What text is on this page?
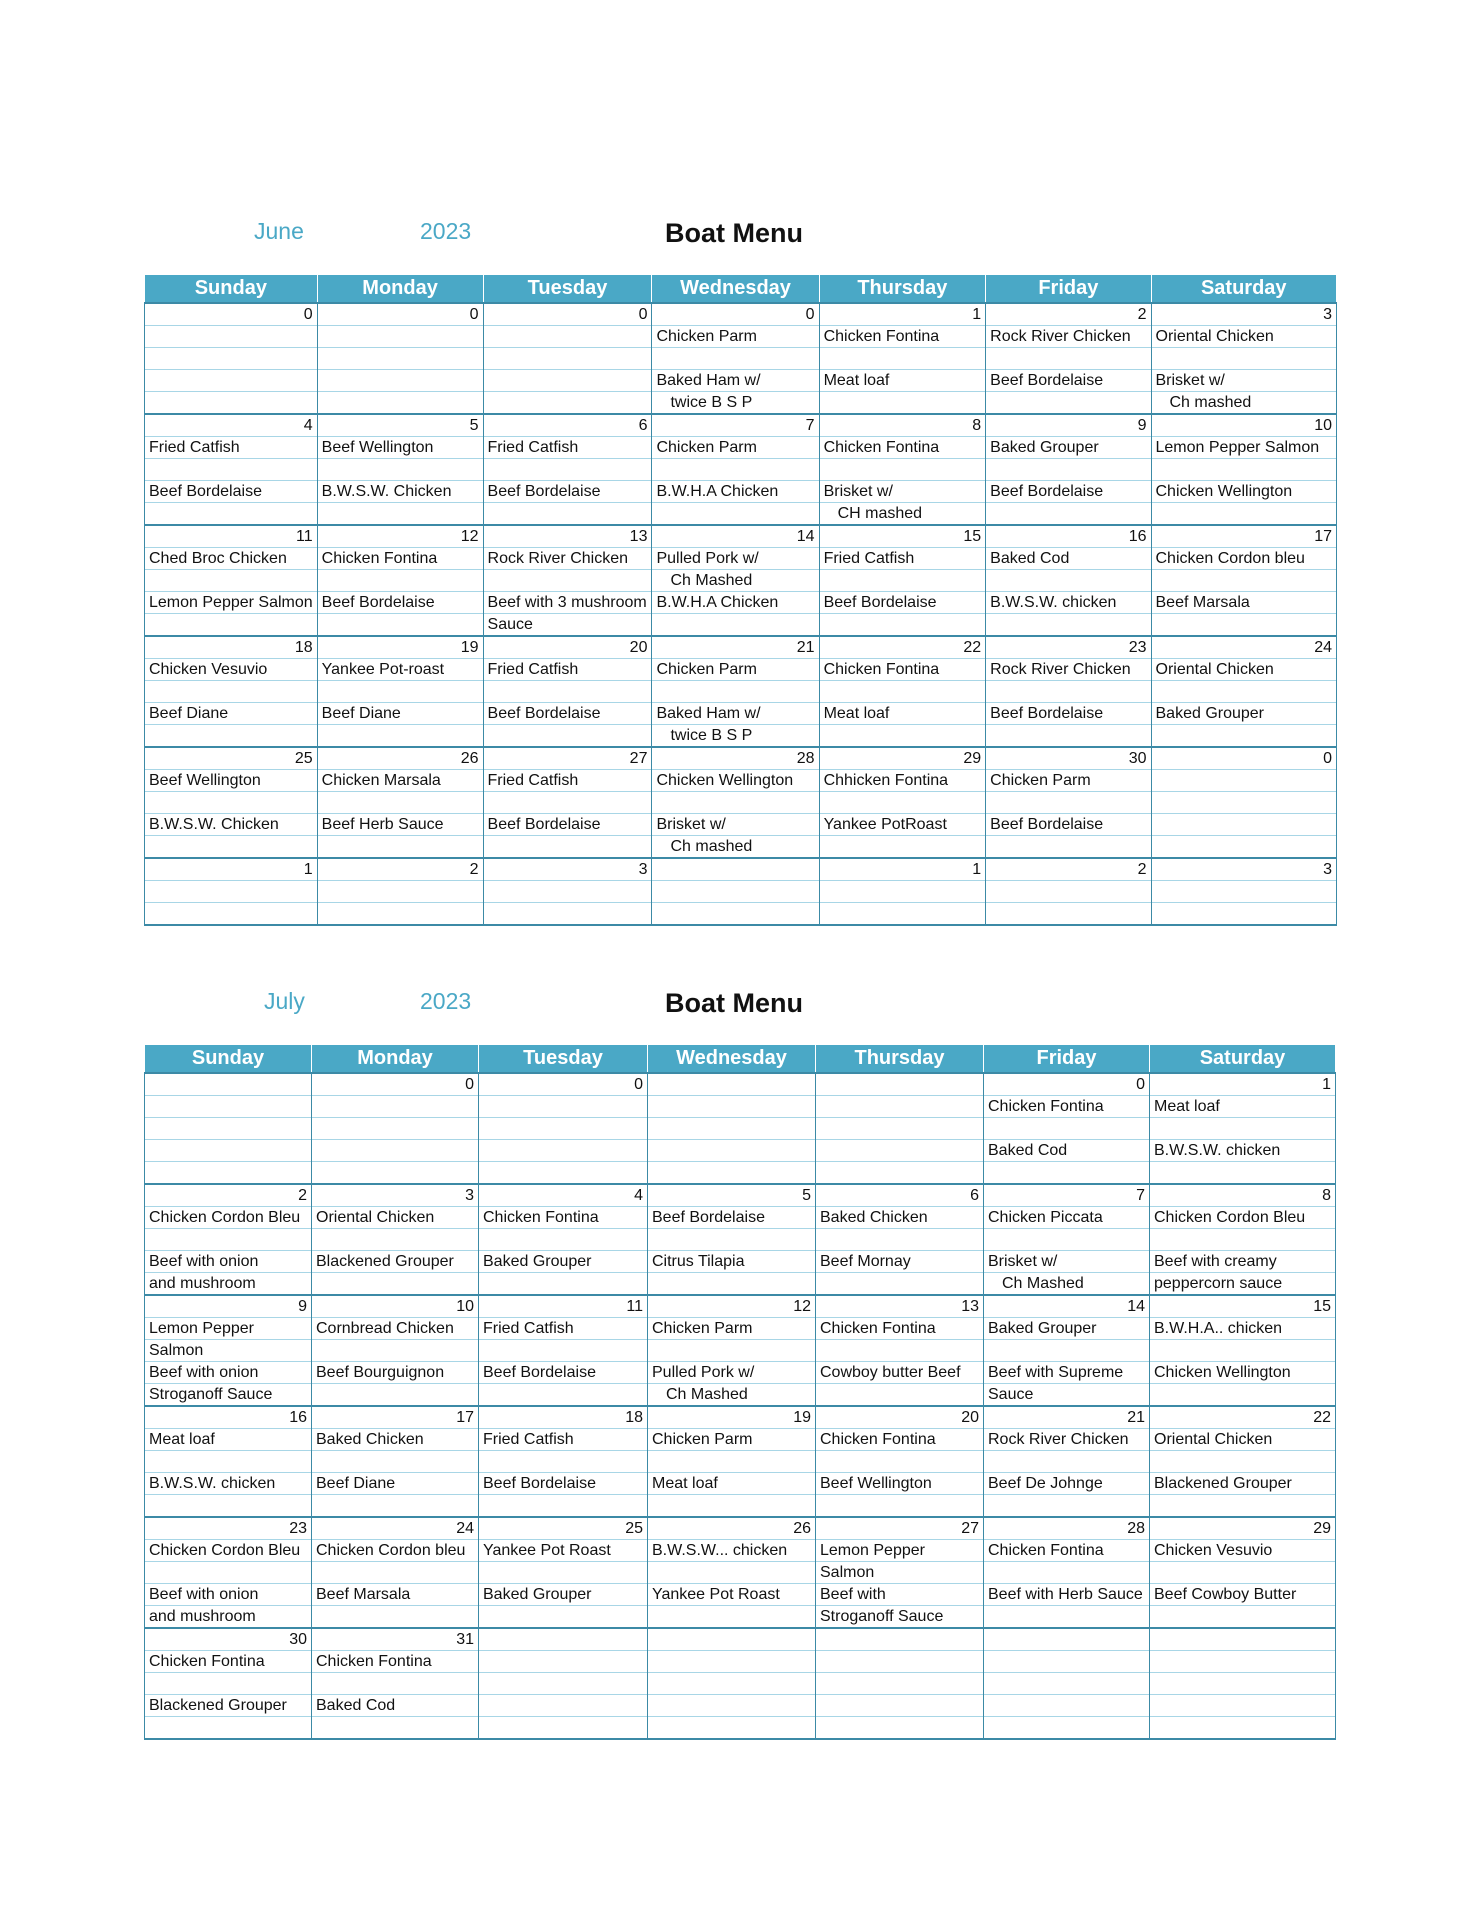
June	2023	Boat Menu
Sunday	Monday	Tuesday	Wednesday	Thursday	Friday	Saturday
0	0	0	0	1	2	3
			Chicken Parm	Chicken Fontina	Rock River Chicken	Oriental Chicken

			Baked Ham w/	Meat loaf	Beef Bordelaise	Brisket w/
			twice B S P			Ch mashed
4	5	6	7	8	9	10
Fried Catfish	Beef Wellington	Fried Catfish	Chicken Parm	Chicken Fontina	Baked Grouper	Lemon Pepper Salmon

Beef Bordelaise	B.W.S.W. Chicken	Beef Bordelaise	B.W.H.A Chicken	Brisket w/	Beef Bordelaise	Chicken Wellington
				CH mashed		
11	12	13	14	15	16	17
Ched Broc Chicken	Chicken Fontina	Rock River Chicken	Pulled Pork w/	Fried Catfish	Baked Cod	Chicken Cordon bleu
			Ch Mashed			
Lemon Pepper Salmon	Beef Bordelaise	Beef with 3 mushroom	B.W.H.A Chicken	Beef Bordelaise	B.W.S.W. chicken	Beef Marsala
		Sauce				
18	19	20	21	22	23	24
Chicken Vesuvio	Yankee Pot-roast	Fried Catfish	Chicken Parm	Chicken Fontina	Rock River Chicken	Oriental Chicken

Beef Diane	Beef Diane	Beef Bordelaise	Baked Ham w/	Meat loaf	Beef Bordelaise	Baked Grouper
			twice B S P			
25	26	27	28	29	30	0
Beef Wellington	Chicken Marsala	Fried Catfish	Chicken Wellington	Chhicken Fontina	Chicken Parm	

B.W.S.W. Chicken	Beef Herb Sauce	Beef Bordelaise	Brisket w/	Yankee PotRoast	Beef Bordelaise	
			Ch mashed			
1	2	3		1	2	3

July	2023	Boat Menu
Sunday	Monday	Tuesday	Wednesday	Thursday	Friday	Saturday
	0	0			0	1
					Chicken Fontina	Meat loaf

					Baked Cod	B.W.S.W. chicken

2	3	4	5	6	7	8
Chicken Cordon Bleu	Oriental Chicken	Chicken Fontina	Beef Bordelaise	Baked Chicken	Chicken Piccata	Chicken Cordon Bleu

Beef with onion	Blackened Grouper	Baked Grouper	Citrus Tilapia	Beef Mornay	Brisket w/	Beef with creamy
and mushroom					Ch Mashed	peppercorn sauce
9	10	11	12	13	14	15
Lemon Pepper	Cornbread Chicken	Fried Catfish	Chicken Parm	Chicken Fontina	Baked Grouper	B.W.H.A.. chicken
Salmon						
Beef with onion	Beef Bourguignon	Beef Bordelaise	Pulled Pork w/	Cowboy butter Beef	Beef with Supreme	Chicken Wellington
Stroganoff Sauce			Ch Mashed		Sauce	
16	17	18	19	20	21	22
Meat loaf	Baked Chicken	Fried Catfish	Chicken Parm	Chicken Fontina	Rock River Chicken	Oriental Chicken

B.W.S.W. chicken	Beef Diane	Beef Bordelaise	Meat loaf	Beef Wellington	Beef De Johnge	Blackened Grouper

23	24	25	26	27	28	29
Chicken Cordon Bleu	Chicken Cordon bleu	Yankee Pot Roast	B.W.S.W... chicken	Lemon Pepper	Chicken Fontina	Chicken Vesuvio
				Salmon		
Beef with onion	Beef Marsala	Baked Grouper	Yankee Pot Roast	Beef with	Beef with Herb Sauce	Beef Cowboy Butter
and mushroom				Stroganoff Sauce		
30	31					
Chicken Fontina	Chicken Fontina					

Blackened Grouper	Baked Cod					
